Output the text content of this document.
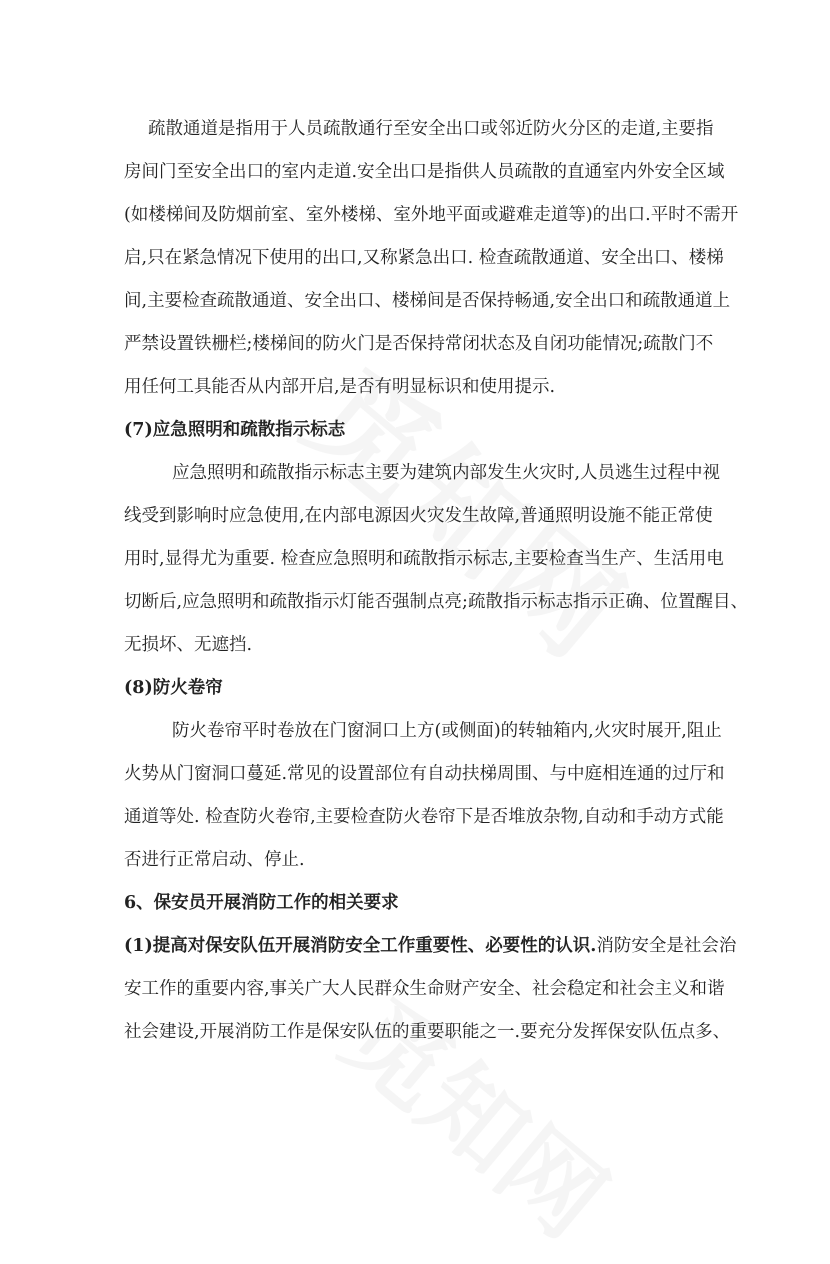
疏散通道是指用于人员疏散通行至安全出口或邻近防火分区的走道,主要指
房间门至安全出口的室内走道.安全出口是指供人员疏散的直通室内外安全区域
(如楼梯间及防烟前室、室外楼梯、室外地平面或避难走道等)的出口.平时不需开
启,只在紧急情况下使用的出口,又称紧急出口. 检查疏散通道、安全出口、楼梯
间,主要检查疏散通道、安全出口、楼梯间是否保持畅通,安全出口和疏散通道上
严禁设置铁栅栏;楼梯间的防火门是否保持常闭状态及自闭功能情况;疏散门不
用任何工具能否从内部开启,是否有明显标识和使用提示.
(7)应急照明和疏散指示标志
应急照明和疏散指示标志主要为建筑内部发生火灾时,人员逃生过程中视
线受到影响时应急使用,在内部电源因火灾发生故障,普通照明设施不能正常使
用时,显得尤为重要. 检查应急照明和疏散指示标志,主要检查当生产、生活用电
切断后,应急照明和疏散指示灯能否强制点亮;疏散指示标志指示正确、位置醒目、
无损坏、无遮挡.
(8)防火卷帘
防火卷帘平时卷放在门窗洞口上方(或侧面)的转轴箱内,火灾时展开,阻止
火势从门窗洞口蔓延.常见的设置部位有自动扶梯周围、与中庭相连通的过厅和
通道等处. 检查防火卷帘,主要检查防火卷帘下是否堆放杂物,自动和手动方式能
否进行正常启动、停止.
6、保安员开展消防工作的相关要求
(1)提高对保安队伍开展消防安全工作重要性、必要性的认识.消防安全是社会治
安工作的重要内容,事关广大人民群众生命财产安全、社会稳定和社会主义和谐
社会建设,开展消防工作是保安队伍的重要职能之一.要充分发挥保安队伍点多、
